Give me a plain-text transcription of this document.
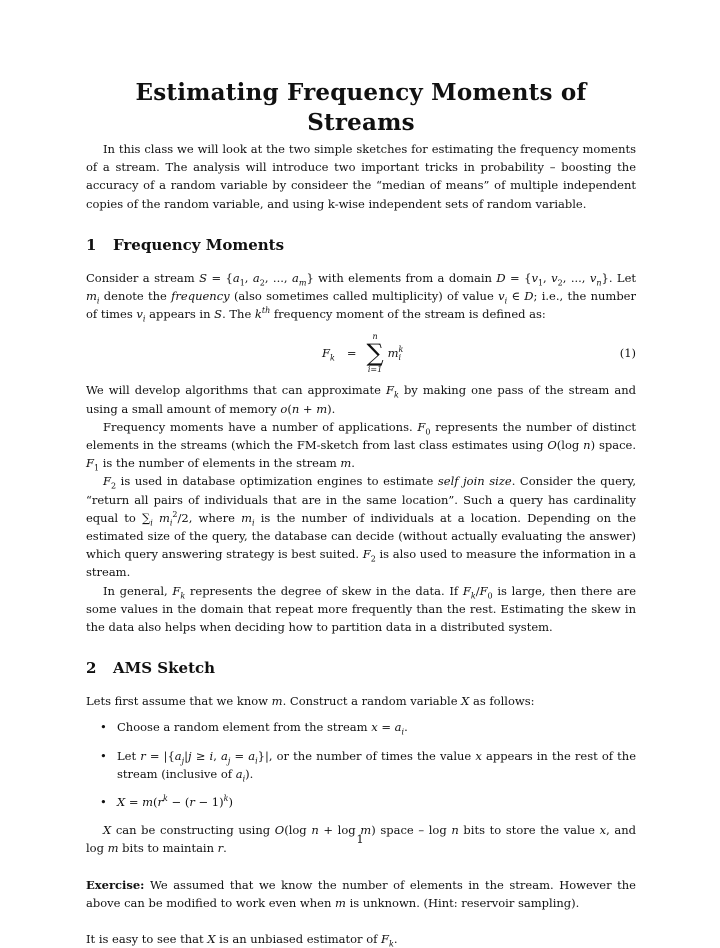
Estimating Frequency Moments of Streams

In this class we will look at the two simple sketches for estimating the frequency moments of a stream. The analysis will introduce two important tricks in probability – boosting the accuracy of a random variable by consideer the “median of means” of multiple independent copies of the random variable, and using k-wise independent sets of random variable.

1 Frequency Moments

Consider a stream $S = \{a_1$, $a_2$, ..., $a_m$} with elements from a domain $D = \{v_1$, $v_2$, ..., $v_n$}. Let $m_i$ denote the frequency (also sometimes called multiplicity) of value $v_i$ ∈ D; i.e., the number of times $v_i$ appears in S. The $k^{th}$ frequency moment of the stream is defined as:

$F_k$ =
n
∑
i=1
m k
i	(1)

We will develop algorithms that can approximate $F_k$ by making one pass of the stream and using a small amount of memory o(n + m).

Frequency moments have a number of applications. $F_0$ represents the number of distinct elements in the streams (which the FM-sketch from last class estimates using O(log n) space. $F_1$ is the number of elements in the stream m.

$F_2$ is used in database optimization engines to estimate self join size. Consider the query, “return all pairs of individuals that are in the same location”. Such a query has cardinality equal to $\sum_i$ $m_i^2/2$, where $m_i$ is the number of individuals at a location. Depending on the estimated size of the query, the database can decide (without actually evaluating the answer) which query answering strategy is best suited. $F_2$ is also used to measure the information in a stream.

In general, $F_k$ represents the degree of skew in the data. If $F_k/F_0$ is large, then there are some values in the domain that repeat more frequently than the rest. Estimating the skew in the data also helps when deciding how to partition data in a distributed system.

2 AMS Sketch

Lets first assume that we know m. Construct a random variable X as follows:

• Choose a random element from the stream $x = a_i$.
• Let $r = |\{a_j|j \ge i$, $a_j = a_i\}|$, or the number of times the value x appears in the rest of the stream (inclusive of $a_i$).
• $X = m(r^k - (r - 1)^k)$

X can be constructing using O(log n + log m) space – log n bits to store the value x, and log m bits to maintain r.

Exercise: We assumed that we know the number of elements in the stream. However the above can be modified to work even when m is unknown. (Hint: reservoir sampling).

It is easy to see that X is an unbiased estimator of $F_k$.

1
